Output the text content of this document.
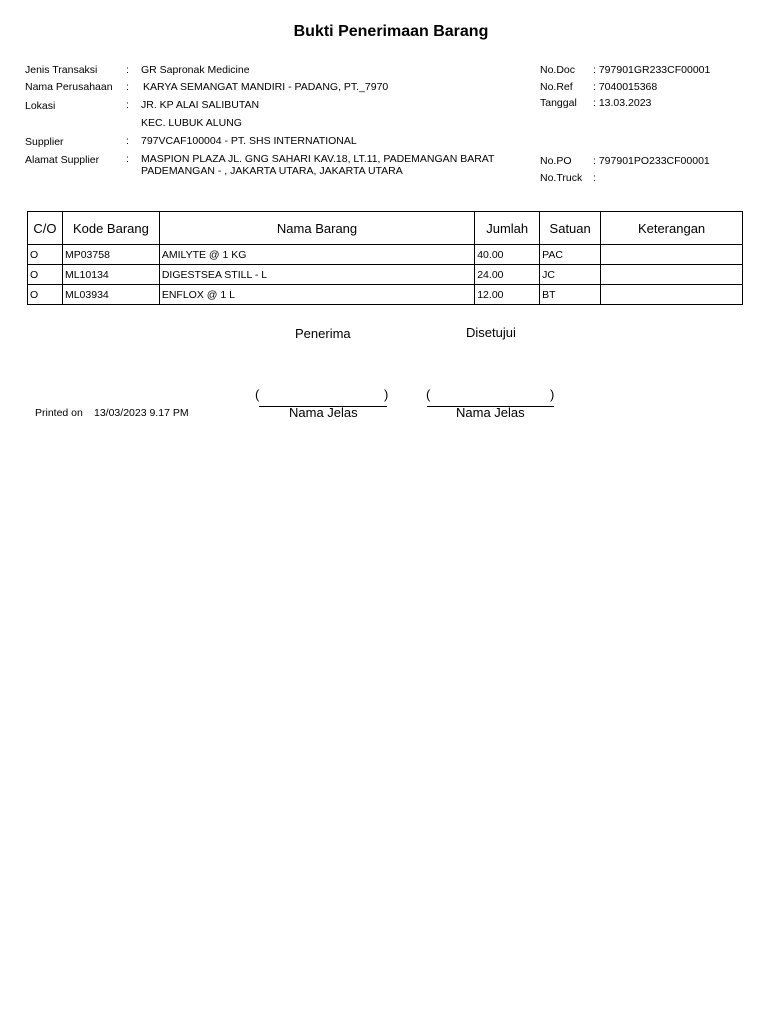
Bukti Penerimaan Barang
Jenis Transaksi	: GR Sapronak Medicine
Nama Perusahaan : KARYA SEMANGAT MANDIRI - PADANG, PT._7970
Lokasi	: JR. KP ALAI SALIBUTAN
KEC. LUBUK ALUNG
Supplier	: 797VCAF100004 - PT. SHS INTERNATIONAL
Alamat Supplier	: MASPION PLAZA JL. GNG SAHARI KAV.18, LT.11, PADEMANGAN BARAT
PADEMANGAN - , JAKARTA UTARA, JAKARTA UTARA
No.Doc : 797901GR233CF00001
No.Ref : 7040015368
Tanggal : 13.03.2023
No.PO : 797901PO233CF00001
No.Truck :
C/O	Kode Barang	Nama Barang	Jumlah	Satuan	Keterangan
O	MP03758	AMILYTE @ 1 KG	40.00	PAC	
O	ML10134	DIGESTSEA STILL - L	24.00	JC	
O	ML03934	ENFLOX @ 1 L	12.00	BT	
Penerima	Disetujui
(	)
Nama Jelas
(	)
Nama Jelas
Printed on 13/03/2023 9.17 PM
